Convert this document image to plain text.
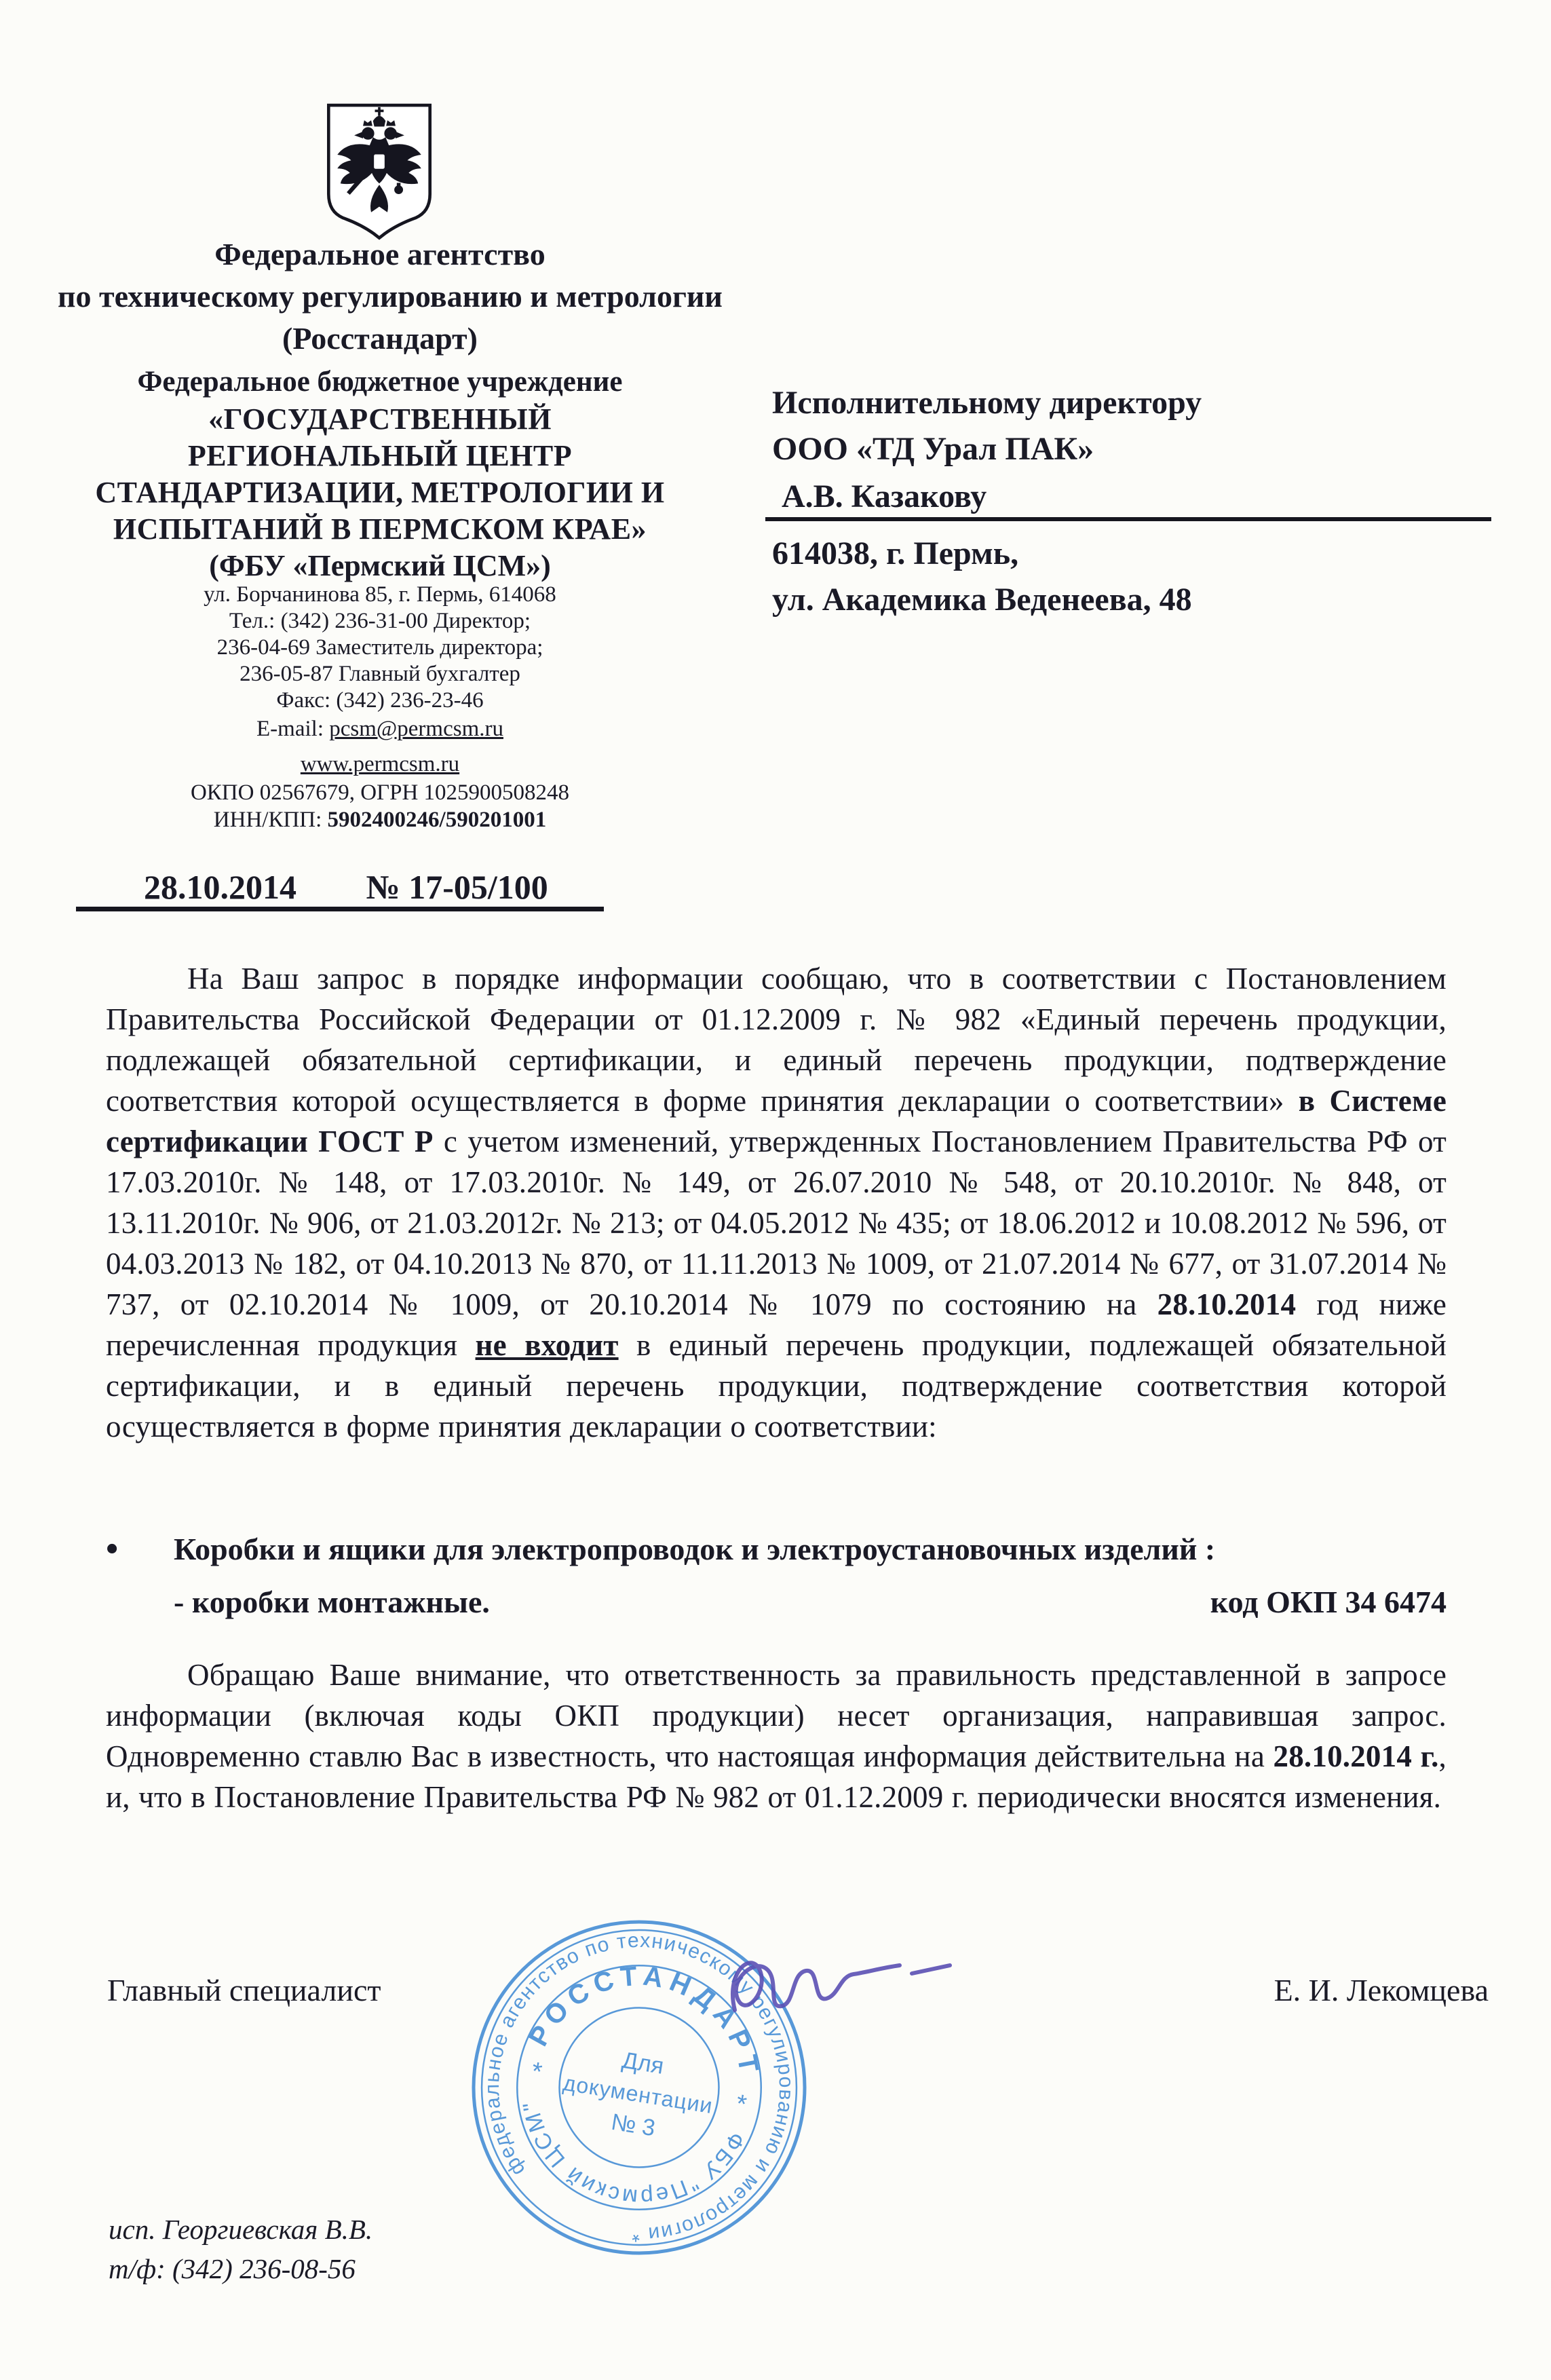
Федеральное агентство
по техническому регулированию и метрологии
(Росстандарт)
Федеральное бюджетное учреждение
«ГОСУДАРСТВЕННЫЙ
РЕГИОНАЛЬНЫЙ ЦЕНТР
СТАНДАРТИЗАЦИИ, МЕТРОЛОГИИ И
ИСПЫТАНИЙ В ПЕРМСКОМ КРАЕ»
(ФБУ «Пермский ЦСМ»)
ул. Борчанинова 85, г. Пермь, 614068
Тел.: (342) 236-31-00 Директор;
236-04-69 Заместитель директора;
236-05-87 Главный бухгалтер
Факс: (342) 236-23-46
E-mail: pcsm@permcsm.ru
www.permcsm.ru
ОКПО 02567679, ОГРН 1025900508248
ИНН/КПП: 5902400246/590201001
Исполнительному директору
ООО «ТД Урал ПАК»
А.В. Казакову
614038, г. Пермь,
ул. Академика Веденеева, 48
28.10.2014 № 17-05/100
На Ваш запрос в порядке информации сообщаю, что в соответствии с Постановлением Правительства Российской Федерации от 01.12.2009 г. № 982 «Единый перечень продукции, подлежащей обязательной сертификации, и единый перечень продукции, подтверждение соответствия которой осуществляется в форме принятия декларации о соответствии» в Системе сертификации ГОСТ Р с учетом изменений, утвержденных Постановлением Правительства РФ от 17.03.2010г. № 148, от 17.03.2010г. № 149, от 26.07.2010 № 548, от 20.10.2010г. № 848, от 13.11.2010г. № 906, от 21.03.2012г. № 213; от 04.05.2012 № 435; от 18.06.2012 и 10.08.2012 № 596, от 04.03.2013 № 182, от 04.10.2013 № 870, от 11.11.2013 № 1009, от 21.07.2014 № 677, от 31.07.2014 № 737, от 02.10.2014 № 1009, от 20.10.2014 № 1079 по состоянию на 28.10.2014 год ниже перечисленная продукция не входит в единый перечень продукции, подлежащей обязательной сертификации, и в единый перечень продукции, подтверждение соответствия которой осуществляется в форме принятия декларации о соответствии:
•	Коробки и ящики для электропроводок и электроустановочных изделий :
- коробки монтажные.	код ОКП 34 6474
Обращаю Ваше внимание, что ответственность за правильность представленной в запросе информации (включая коды ОКП продукции) несет организация, направившая запрос. Одновременно ставлю Вас в известность, что настоящая информация действительна на 28.10.2014 г., и, что в Постановление Правительства РФ № 982 от 01.12.2009 г. периодически вносятся изменения.
Главный специалист	Е. И. Лекомцева
федеральное агентство по техническому регулированию и метрологии *
РОССТАНДАРТ
ФБУ "Пермский ЦСМ"
*
*
Для
документации
№ 3
исп. Георгиевская В.В.
т/ф: (342) 236-08-56
